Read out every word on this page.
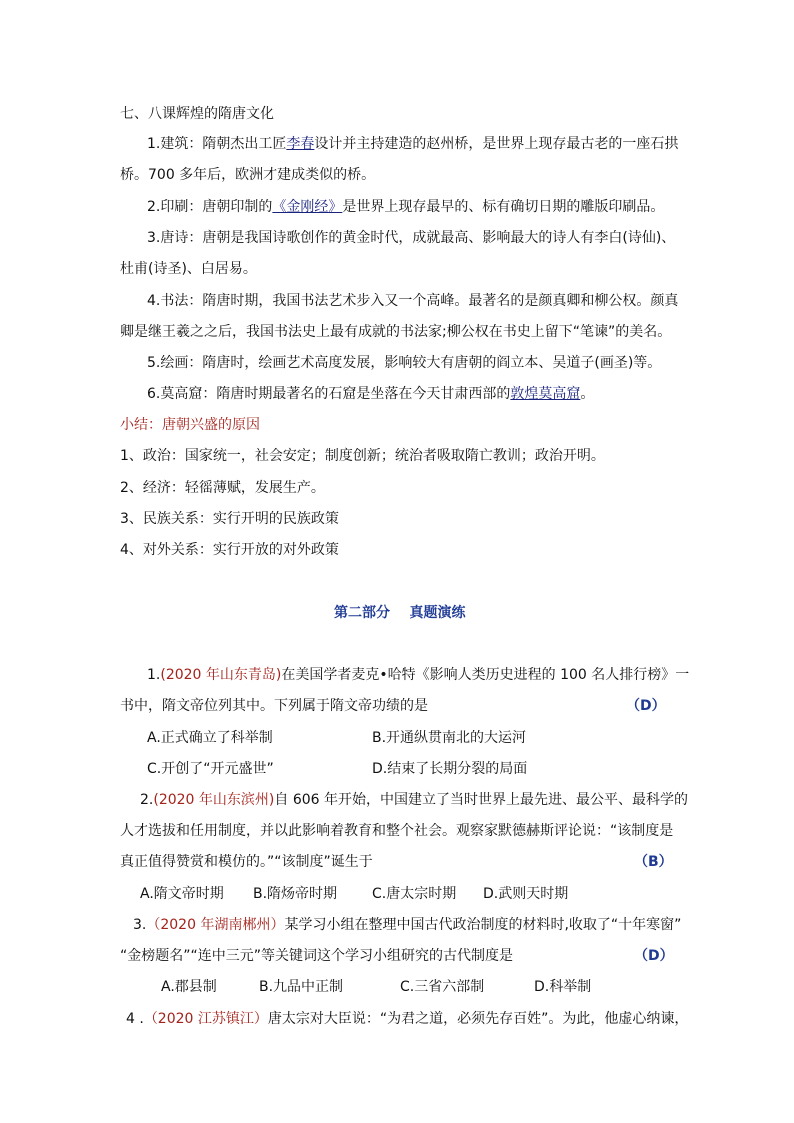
七、八课辉煌的隋唐文化
1.建筑：隋朝杰出工匠李春设计并主持建造的赵州桥，是世界上现存最古老的一座石拱
桥。700 多年后，欧洲才建成类似的桥。
2.印刷：唐朝印制的《金刚经》是世界上现存最早的、标有确切日期的雕版印刷品。
3.唐诗：唐朝是我国诗歌创作的黄金时代，成就最高、影响最大的诗人有李白(诗仙)、
杜甫(诗圣)、白居易。
4.书法：隋唐时期，我国书法艺术步入又一个高峰。最著名的是颜真卿和柳公权。颜真
卿是继王羲之之后，我国书法史上最有成就的书法家;柳公权在书史上留下“笔谏”的美名。
5.绘画：隋唐时，绘画艺术高度发展，影响较大有唐朝的阎立本、吴道子(画圣)等。
6.莫高窟：隋唐时期最著名的石窟是坐落在今天甘肃西部的敦煌莫高窟。
小结：唐朝兴盛的原因
1、政治：国家统一，社会安定；制度创新；统治者吸取隋亡教训；政治开明。
2、经济：轻徭薄赋，发展生产。
3、民族关系：实行开明的民族政策
4、对外关系：实行开放的对外政策
第二部分    真题演练
1.(2020 年山东青岛)在美国学者麦克•哈特《影响人类历史进程的 100 名人排行榜》一
书中，隋文帝位列其中。下列属于隋文帝功绩的是	（D）
A.正式确立了科举制	B.开通纵贯南北的大运河
C.开创了“开元盛世”	D.结束了长期分裂的局面
2.(2020 年山东滨州)自 606 年开始，中国建立了当时世界上最先进、最公平、最科学的
人才选拔和任用制度，并以此影响着教育和整个社会。观察家默德赫斯评论说：“该制度是
真正值得赞赏和模仿的。”“该制度”诞生于	（B）
A.隋文帝时期 B.隋炀帝时期 C.唐太宗时期 D.武则天时期
3.（2020 年湖南郴州）某学习小组在整理中国古代政治制度的材料时,收取了“十年寒窗”
“金榜题名”“连中三元”等关键词这个学习小组研究的古代制度是	（D）
A.郡县制	B.九品中正制	C.三省六部制	D.科举制
4 .（2020 江苏镇江）唐太宗对大臣说：“为君之道，必须先存百姓”。为此，他虚心纳谏，
